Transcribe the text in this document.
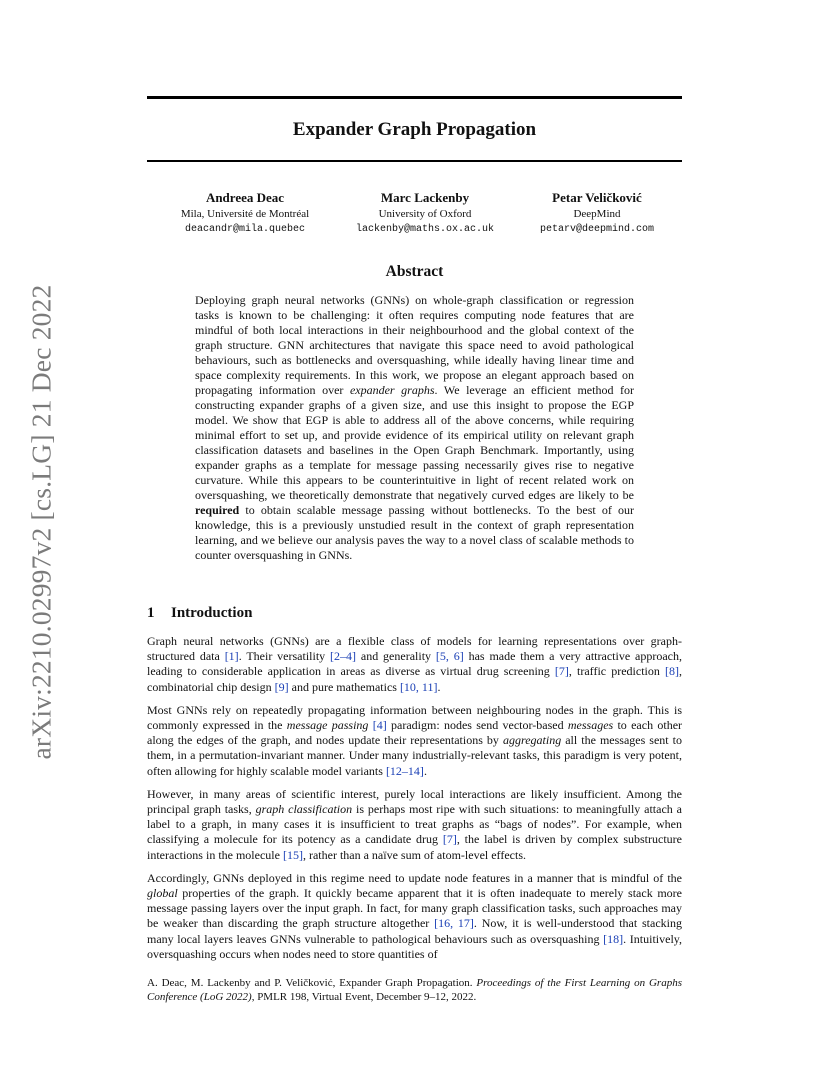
arXiv:2210.02997v2 [cs.LG] 21 Dec 2022
Expander Graph Propagation
Andreea Deac
Mila, Université de Montréal
deacandr@mila.quebec
Marc Lackenby
University of Oxford
lackenby@maths.ox.ac.uk
Petar Veličković
DeepMind
petarv@deepmind.com
Abstract
Deploying graph neural networks (GNNs) on whole-graph classification or regression tasks is known to be challenging: it often requires computing node features that are mindful of both local interactions in their neighbourhood and the global context of the graph structure. GNN architectures that navigate this space need to avoid pathological behaviours, such as bottlenecks and oversquashing, while ideally having linear time and space complexity requirements. In this work, we propose an elegant approach based on propagating information over expander graphs. We leverage an efficient method for constructing expander graphs of a given size, and use this insight to propose the EGP model. We show that EGP is able to address all of the above concerns, while requiring minimal effort to set up, and provide evidence of its empirical utility on relevant graph classification datasets and baselines in the Open Graph Benchmark. Importantly, using expander graphs as a template for message passing necessarily gives rise to negative curvature. While this appears to be counterintuitive in light of recent related work on oversquashing, we theoretically demonstrate that negatively curved edges are likely to be required to obtain scalable message passing without bottlenecks. To the best of our knowledge, this is a previously unstudied result in the context of graph representation learning, and we believe our analysis paves the way to a novel class of scalable methods to counter oversquashing in GNNs.
1 Introduction

Graph neural networks (GNNs) are a flexible class of models for learning representations over graph-structured data [1]. Their versatility [2–4] and generality [5, 6] has made them a very attractive approach, leading to considerable application in areas as diverse as virtual drug screening [7], traffic prediction [8], combinatorial chip design [9] and pure mathematics [10, 11].

Most GNNs rely on repeatedly propagating information between neighbouring nodes in the graph. This is commonly expressed in the message passing [4] paradigm: nodes send vector-based messages to each other along the edges of the graph, and nodes update their representations by aggregating all the messages sent to them, in a permutation-invariant manner. Under many industrially-relevant tasks, this paradigm is very potent, often allowing for highly scalable model variants [12–14].

However, in many areas of scientific interest, purely local interactions are likely insufficient. Among the principal graph tasks, graph classification is perhaps most ripe with such situations: to meaningfully attach a label to a graph, in many cases it is insufficient to treat graphs as “bags of nodes”. For example, when classifying a molecule for its potency as a candidate drug [7], the label is driven by complex substructure interactions in the molecule [15], rather than a naïve sum of atom-level effects.

Accordingly, GNNs deployed in this regime need to update node features in a manner that is mindful of the global properties of the graph. It quickly became apparent that it is often inadequate to merely stack more message passing layers over the input graph. In fact, for many graph classification tasks, such approaches may be weaker than discarding the graph structure altogether [16, 17]. Now, it is well-understood that stacking many local layers leaves GNNs vulnerable to pathological behaviours such as oversquashing [18]. Intuitively, oversquashing occurs when nodes need to store quantities of

A. Deac, M. Lackenby and P. Veličković, Expander Graph Propagation. Proceedings of the First Learning on Graphs Conference (LoG 2022), PMLR 198, Virtual Event, December 9–12, 2022.
